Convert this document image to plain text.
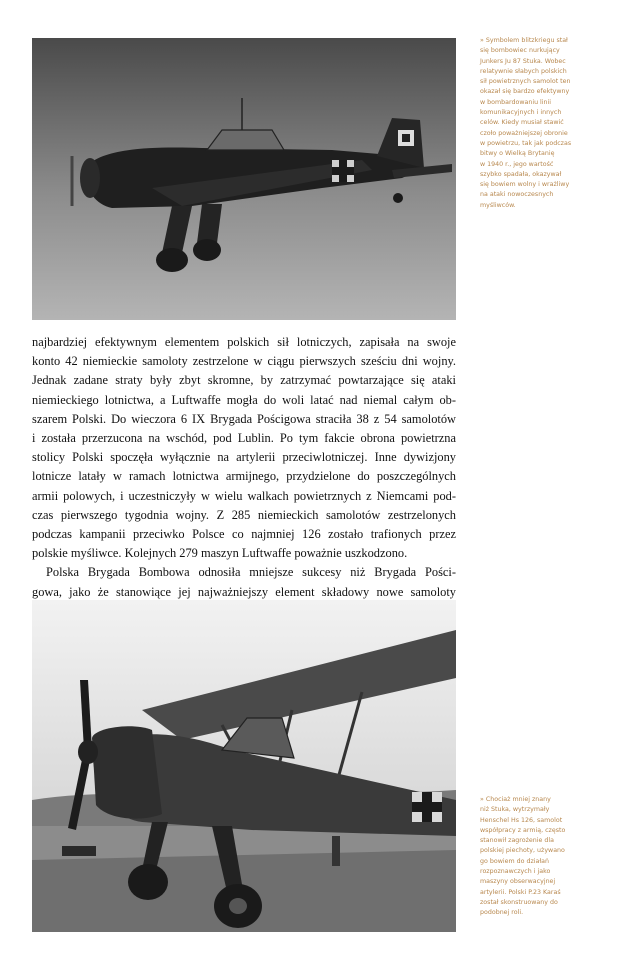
» Symbolem blitzkriegu stał
się bombowiec nurkujący
Junkers Ju 87 Stuka. Wobec
relatywnie słabych polskich
sił powietrznych samolot ten
okazał się bardzo efektywny
w bombardowaniu linii
komunikacyjnych i innych
celów. Kiedy musiał stawić
czoło poważniejszej obronie
w powietrzu, tak jak podczas
bitwy o Wielką Brytanię
w 1940 r., jego wartość
szybko spadała, okazywał
się bowiem wolny i wrażliwy
na ataki nowoczesnych
myśliwców.

najbardziej efektywnym elementem polskich sił lotniczych, zapisała na swoje
konto 42 niemieckie samoloty zestrzelone w ciągu pierwszych sześciu dni wojny.
Jednak zadane straty były zbyt skromne, by zatrzymać powtarzające się ataki
niemieckiego lotnictwa, a Luftwaffe mogła do woli latać nad niemal całym ob-
szarem Polski. Do wieczora 6 IX Brygada Pościgowa straciła 38 z 54 samolotów
i została przerzucona na wschód, pod Lublin. Po tym fakcie obrona powietrzna
stolicy Polski spoczęła wyłącznie na artylerii przeciwlotniczej. Inne dywizjony
lotnicze latały w ramach lotnictwa armijnego, przydzielone do poszczególnych
armii polowych, i uczestniczyły w wielu walkach powietrznych z Niemcami pod-
czas pierwszego tygodnia wojny. Z 285 niemieckich samolotów zestrzelonych
podczas kampanii przeciwko Polsce co najmniej 126 zostało trafionych przez
polskie myśliwce. Kolejnych 279 maszyn Luftwaffe poważnie uszkodzono.

Polska Brygada Bombowa odnosiła mniejsze sukcesy niż Brygada Pości-
gowa, jako że stanowiące jej najważniejszy element składowy nowe samoloty

» Chociaż mniej znany
niż Stuka, wytrzymały
Henschel Hs 126, samolot
współpracy z armią, często
stanowił zagrożenie dla
polskiej piechoty, używano
go bowiem do działań
rozpoznawczych i jako
maszyny obserwacyjnej
artylerii. Polski P.23 Karaś
został skonstruowany do
podobnej roli.
